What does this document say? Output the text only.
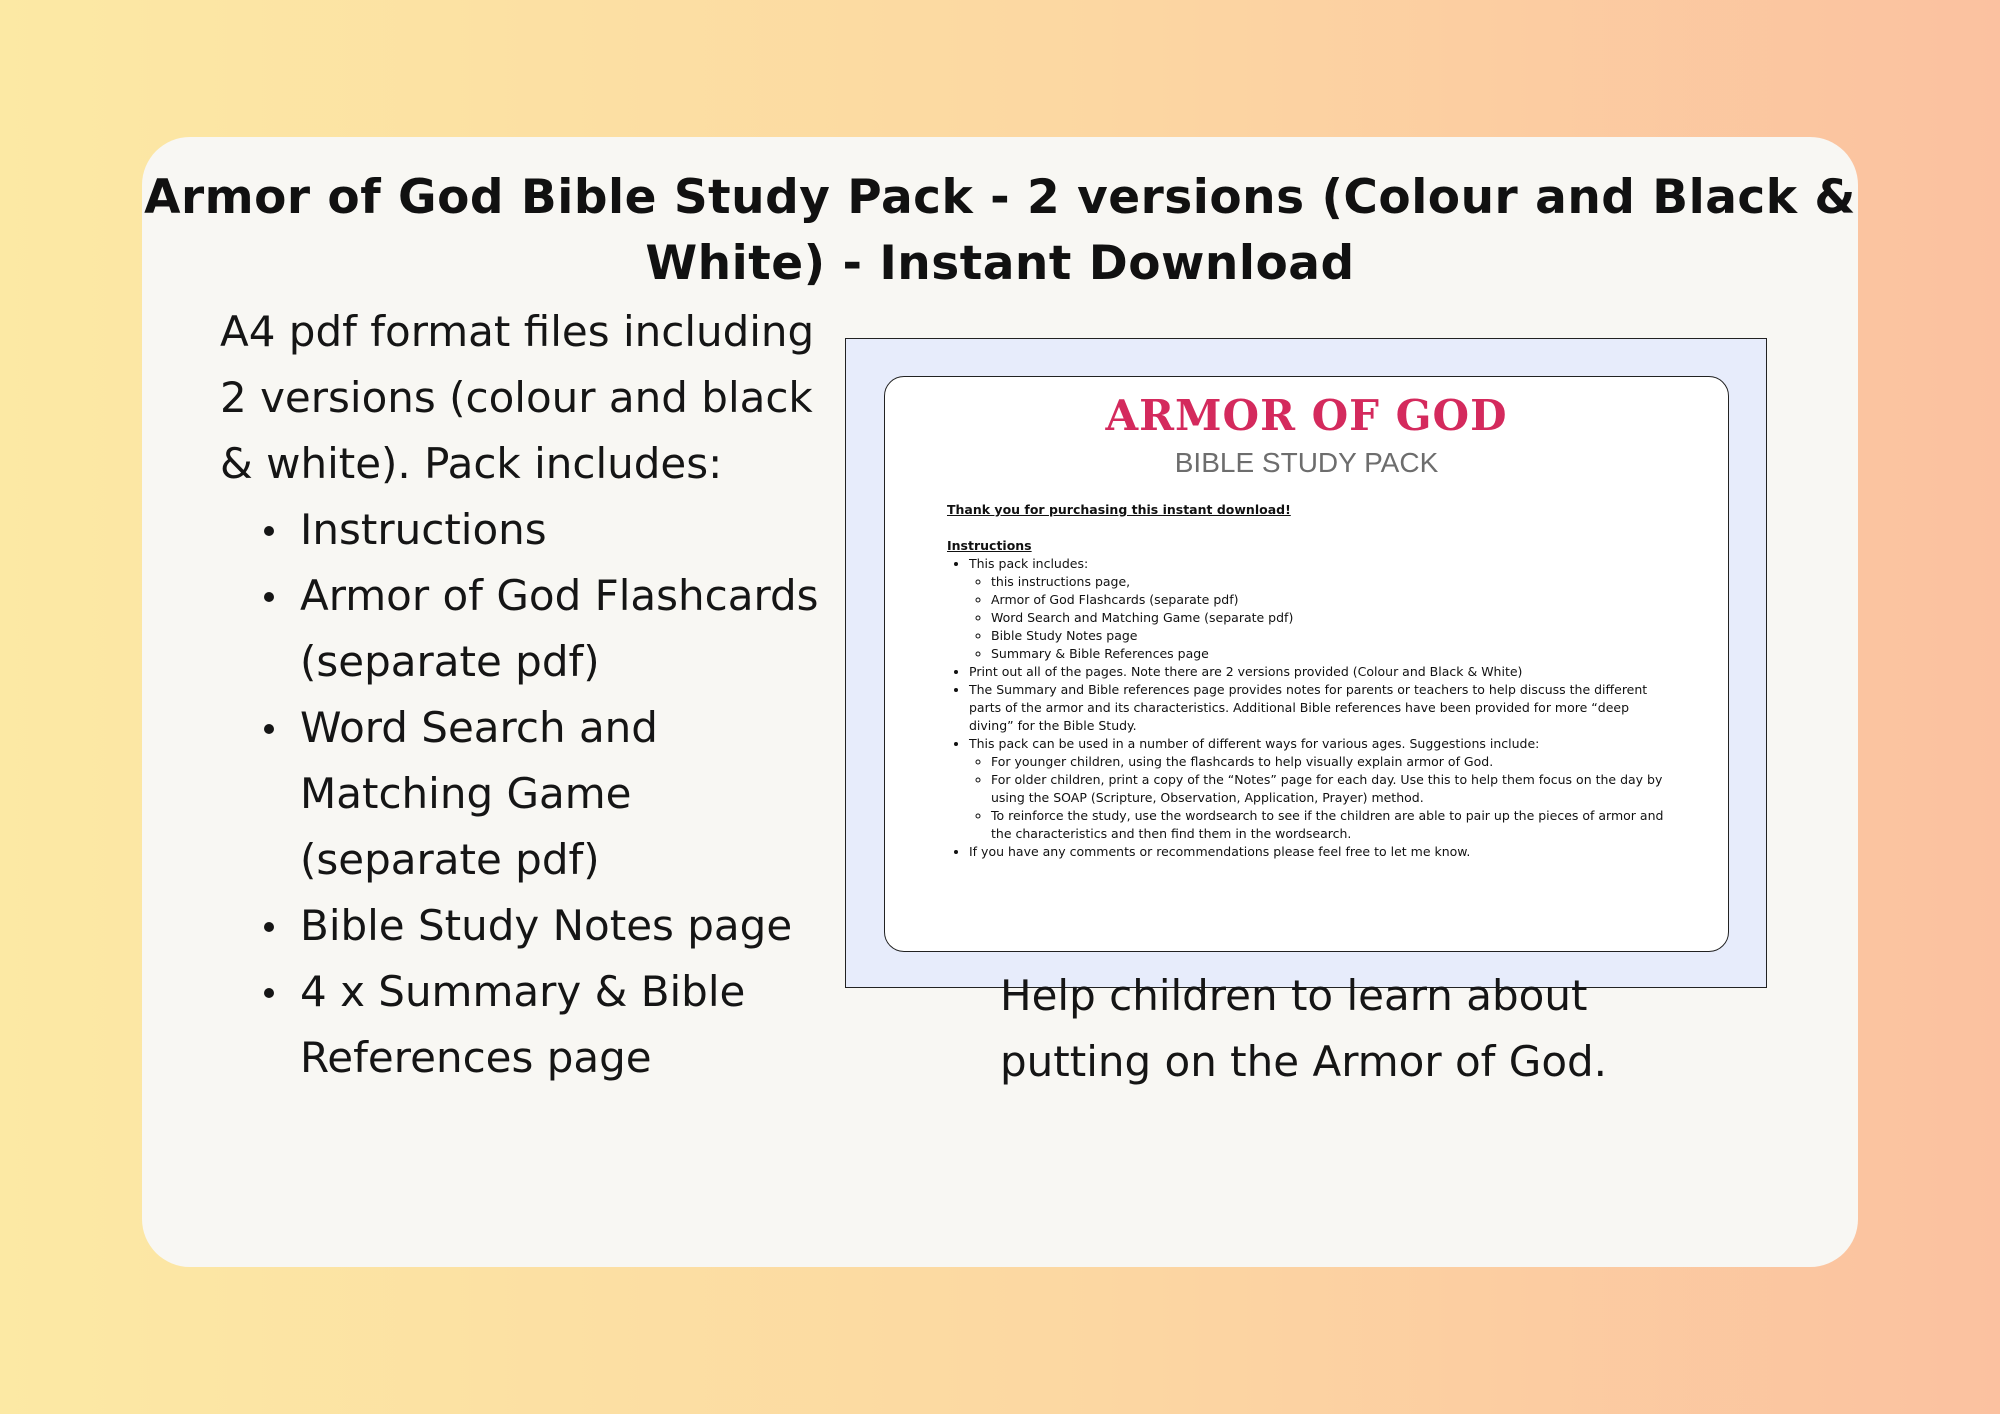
Armor of God Bible Study Pack - 2 versions (Colour and Black &
White) - Instant Download

A4 pdf format files including 2 versions (colour and black & white). Pack includes:

Instructions
Armor of God Flashcards (separate pdf)
Word Search and Matching Game (separate pdf)
Bible Study Notes page
4 x Summary & Bible References page
ARMOR OF GOD
BIBLE STUDY PACK

Thank you for purchasing this instant download!

Instructions

• This pack includes:
◦ this instructions page,
◦ Armor of God Flashcards (separate pdf)
◦ Word Search and Matching Game (separate pdf)
◦ Bible Study Notes page
◦ Summary & Bible References page
• Print out all of the pages. Note there are 2 versions provided (Colour and Black & White)
• The Summary and Bible references page provides notes for parents or teachers to help discuss the different parts of the armor and its characteristics. Additional Bible references have been provided for more “deep diving” for the Bible Study.
• This pack can be used in a number of different ways for various ages. Suggestions include:
◦ For younger children, using the flashcards to help visually explain armor of God.
◦ For older children, print a copy of the “Notes” page for each day. Use this to help them focus on the day by using the SOAP (Scripture, Observation, Application, Prayer) method.
◦ To reinforce the study, use the wordsearch to see if the children are able to pair up the pieces of armor and the characteristics and then find them in the wordsearch.
• If you have any comments or recommendations please feel free to let me know.
Help children to learn about putting on the Armor of God.
